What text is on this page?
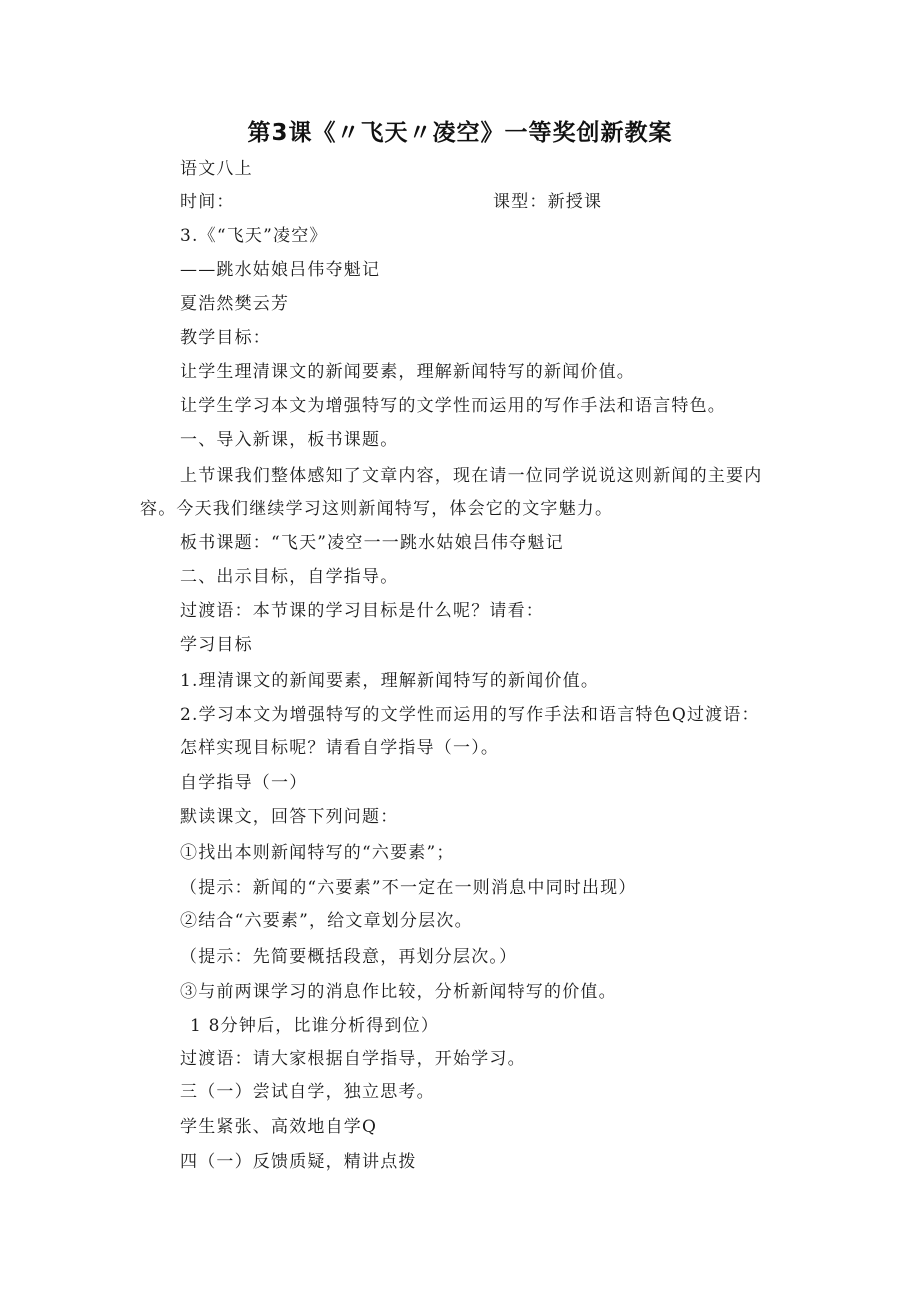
第3课《〃飞天〃凌空》一等奖创新教案
语文八上
时间：	课型：新授课
3.《“飞天”凌空》
——跳水姑娘吕伟夺魁记
夏浩然樊云芳
教学目标：
让学生理清课文的新闻要素，理解新闻特写的新闻价值。
让学生学习本文为增强特写的文学性而运用的写作手法和语言特色。
一、导入新课，板书课题。
上节课我们整体感知了文章内容，现在请一位同学说说这则新闻的主要内
容。今天我们继续学习这则新闻特写，体会它的文字魅力。
板书课题：“飞天”凌空一一跳水姑娘吕伟夺魁记
二、出示目标，自学指导。
过渡语：本节课的学习目标是什么呢？请看：
学习目标
1.理清课文的新闻要素，理解新闻特写的新闻价值。
2.学习本文为增强特写的文学性而运用的写作手法和语言特色Q过渡语：
怎样实现目标呢？请看自学指导（一）。
自学指导（一）
默读课文，回答下列问题：
①找出本则新闻特写的“六要素”；
（提示：新闻的“六要素”不一定在一则消息中同时出现）
②结合“六要素”，给文章划分层次。
（提示：先简要概括段意，再划分层次。）
③与前两课学习的消息作比较，分析新闻特写的价值。
1 8分钟后，比谁分析得到位）
过渡语：请大家根据自学指导，开始学习。
三（一）尝试自学，独立思考。
学生紧张、高效地自学Q
四（一）反馈质疑，精讲点拨
